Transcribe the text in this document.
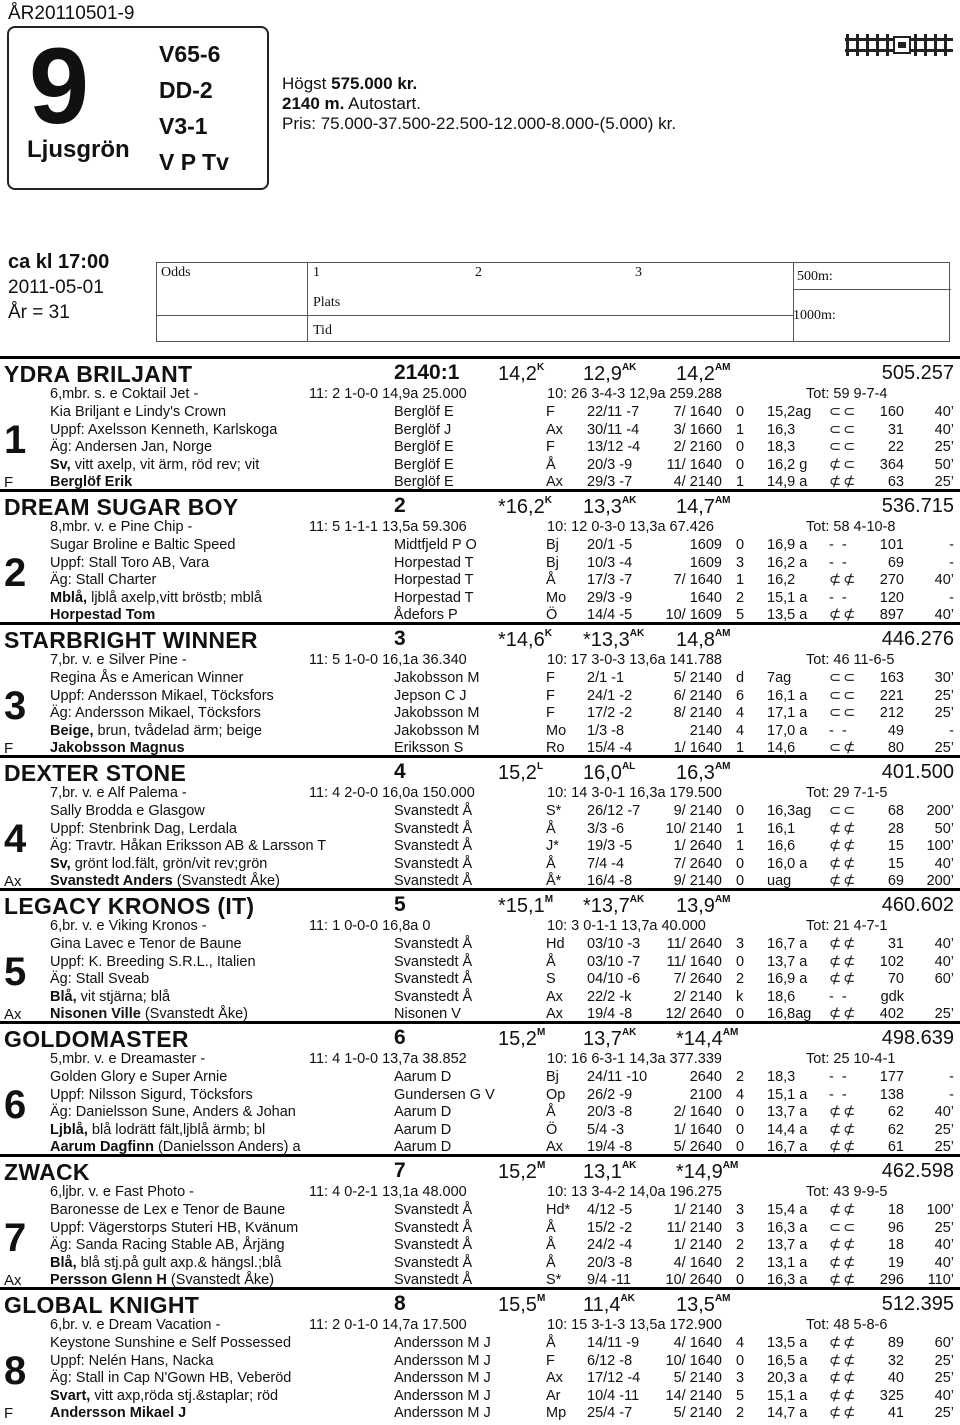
ÅR20110501-9
9
Ljusgrön
V65-6
DD-2
V3-1
V P Tv
Högst 575.000 kr.
2140 m. Autostart.
Pris: 75.000-37.500-22.500-12.000-8.000-(5.000) kr.
ca kl 17:00
2011-05-01
År = 31
Odds	1	2	3	500m:
Plats
1000m:
Tid
YDRA BRILJANT	2140:1 $14,2^K$ $12,9^{AK}$ $14,2^{AM}$	505.257
6,mbr. s. e Coktail Jet -	11: 2 1-0-0 14,9a 25.000	10: 26 3-4-3 12,9a 259.288	Tot: 59 9-7-4
1
F
Kia Briljant e Lindy's Crown	Berglöf E	F 22/11 -7	7/ 1640 0 15,2ag ⊂⊂	160	40’
Uppf: Axelsson Kenneth, Karlskoga	Berglöf J	Ax 30/11 -4	3/ 1660 1 16,3 ⊂⊂	31	40’
Äg: Andersen Jan, Norge	Berglöf E	F 13/12 -4	2/ 2160 0 18,3 ⊂⊂	22	25’
Sv, vitt axelp, vit ärm, röd rev; vit	Berglöf E	Å 20/3 -9	11/ 1640 0 16,2 g ⊄⊂	364	50’
Berglöf Erik	Berglöf E	Ax 29/3 -7	4/ 2140 1 14,9 a ⊄⊄	63	25’
DREAM SUGAR BOY	2	$*16,2^K$ $13,3^{AK}$ $14,7^{AM}$	536.715
8,mbr. v. e Pine Chip -	11: 5 1-1-1 13,5a 59.306	10: 12 0-3-0 13,3a 67.426	Tot: 58 4-10-8
2
Sugar Broline e Baltic Speed	Midtfjeld P O	Bj 20/1 -5	1609 0 16,9 a - -	101	-
Uppf: Stall Toro AB, Vara	Horpestad T	Bj 10/3 -4	1609 3 16,2 a - -	69	-
Äg: Stall Charter	Horpestad T	Å 17/3 -7	7/ 1640 1 16,2 ⊄⊄	270	40’
Mblå, ljblå axelp,vitt bröstb; mblå	Horpestad T	Mo 29/3 -9	1640 2 15,1 a - -	120	-
Horpestad Tom	Ådefors P	Ö 14/4 -5	10/ 1609 5 13,5 a ⊄⊄	897	40’
STARBRIGHT WINNER	3	$*14,6^K$ $*13,3^{AK}$ $14,8^{AM}$	446.276
7,br. v. e Silver Pine -	11: 5 1-0-0 16,1a 36.340	10: 17 3-0-3 13,6a 141.788	Tot: 46 11-6-5
3
F
Regina Ås e American Winner	Jakobsson M	F 2/1 -1	5/ 2140 d 7ag	⊂⊂	163	30’
Uppf: Andersson Mikael, Töcksfors	Jepson C J	F 24/1 -2	6/ 2140 6 16,1 a ⊂⊂	221	25’
Äg: Andersson Mikael, Töcksfors	Jakobsson M	F 17/2 -2	8/ 2140 4 17,1 a ⊂⊂	212	25’
Beige, brun, tvådelad ärm; beige	Jakobsson M	Mo 1/3 -8	2140 4 17,0 a - -	49	-
Jakobsson Magnus	Eriksson S	Ro 15/4 -4	1/ 1640 1 14,6 ⊂⊄	80	25’
DEXTER STONE	4	$15,2^L$ $16,0^{AL}$ $16,3^{AM}$	401.500
7,br. v. e Alf Palema -	11: 4 2-0-0 16,0a 150.000	10: 14 3-0-1 16,3a 179.500	Tot: 29 7-1-5
4
Ax
Sally Brodda e Glasgow	Svanstedt Å	S* 26/12 -7	9/ 2140 0 16,3ag ⊂⊂	68	200’
Uppf: Stenbrink Dag, Lerdala	Svanstedt Å	Å 3/3 -6	10/ 2140 1 16,1 ⊄⊄	28	50’
Äg: Travtr. Håkan Eriksson AB & Larsson T	Svanstedt Å	J* 19/3 -5	1/ 2640 1 16,6 ⊄⊄	15	100’
Sv, grönt lod.fält, grön/vit rev;grön	Svanstedt Å	Å 7/4 -4	7/ 2640 0 16,0 a ⊄⊄	15	40’
Svanstedt Anders (Svanstedt Åke)	Svanstedt Å	Å* 16/4 -8	9/ 2140 0 uag	⊄⊄	69	200’
LEGACY KRONOS (IT)	5	$*15,1^M$ $*13,7^{AK}$ $13,9^{AM}$	460.602
6,br. v. e Viking Kronos -	11: 1 0-0-0 16,8a 0	10: 3 0-1-1 13,7a 40.000	Tot: 21 4-7-1
5
Ax
Gina Lavec e Tenor de Baune	Svanstedt Å	Hd 03/10 -3	11/ 2640 3 16,7 a ⊄⊄	31	40’
Uppf: K. Breeding S.R.L., Italien	Svanstedt Å	Å 03/10 -7	11/ 1640 0 13,7 a ⊄⊄	102	40’
Äg: Stall Sveab	Svanstedt Å	S 04/10 -6	7/ 2640 2 16,9 a ⊄⊄	70	60’
Blå, vit stjärna; blå	Svanstedt Å	Ax 22/2 -k	2/ 2140 k 18,6 - -	gdk
Nisonen Ville (Svanstedt Åke)	Nisonen V	Ax 19/4 -8	12/ 2640 0 16,8ag ⊄⊄	402	25’
GOLDOMASTER	6	$15,2^M$ $13,7^{AK}$ $*14,4^{AM}$	498.639
5,mbr. v. e Dreamaster -	11: 4 1-0-0 13,7a 38.852	10: 16 6-3-1 14,3a 377.339	Tot: 25 10-4-1
6
Golden Glory e Super Arnie	Aarum D	Bj 24/11 -10	2640 2 18,3 - -	177	-
Uppf: Nilsson Sigurd, Töcksfors	Gundersen G V	Op 26/2 -9	2100 4 15,1 a - -	138	-
Äg: Danielsson Sune, Anders & Johan	Aarum D	Å 20/3 -8	2/ 1640 0 13,7 a ⊄⊄	62	40’
Ljblå, blå lodrätt fält,ljblå ärmb; bl	Aarum D	Ö 5/4 -3	1/ 1640 0 14,4 a ⊄⊄	62	25’
Aarum Dagfinn (Danielsson Anders) a	Aarum D	Ax 19/4 -8	5/ 2640 0 16,7 a ⊄⊄	61	25’
ZWACK	7	$15,2^M$ $13,1^{AK}$ $*14,9^{AM}$	462.598
6,ljbr. v. e Fast Photo -	11: 4 0-2-1 13,1a 48.000	10: 13 3-4-2 14,0a 196.275	Tot: 43 9-9-5
7
Ax
Baronesse de Lex e Tenor de Baune	Svanstedt Å	Hd* 4/12 -5	1/ 2140 3 15,4 a ⊄⊄	18	100’
Uppf: Vägerstorps Stuteri HB, Kvänum	Svanstedt Å	Å 15/2 -2	11/ 2140 3 16,3 a ⊂⊂	96	25’
Äg: Sanda Racing Stable AB, Årjäng	Svanstedt Å	Å 24/2 -4	1/ 2140 2 13,7 a ⊄⊄	18	40’
Blå, blå stj.på gult axp.& hängsl.;blå	Svanstedt Å	Å 20/3 -8	4/ 1640 2 13,1 a ⊄⊄	19	40’
Persson Glenn H (Svanstedt Åke)	Svanstedt Å	S* 9/4 -11	10/ 2640 0 16,3 a ⊄⊄	296	110’
GLOBAL KNIGHT	8	$15,5^M$ $11,4^{AK}$ $13,5^{AM}$	512.395
6,br. v. e Dream Vacation -	11: 2 0-1-0 14,7a 17.500	10: 15 3-1-3 13,5a 172.900	Tot: 48 5-8-6
8
F
Keystone Sunshine e Self Possessed	Andersson M J	Å 14/11 -9	4/ 1640 4 13,5 a ⊄⊄	89	60’
Uppf: Nelén Hans, Nacka	Andersson M J	F 6/12 -8	10/ 1640 0 16,5 a ⊄⊄	32	25’
Äg: Stall in Cap N'Gown HB, Veberöd	Andersson M J	Ax 17/12 -4	5/ 2140 3 20,3 a ⊄⊄	40	25’
Svart, vitt axp,röda stj.&staplar; röd	Andersson M J	Ar 10/4 -11	14/ 2140 5 15,1 a ⊄⊄	325	40’
Andersson Mikael J	Andersson M J	Mp 25/4 -7	5/ 2140 2 14,7 a ⊄⊄	41	25’
